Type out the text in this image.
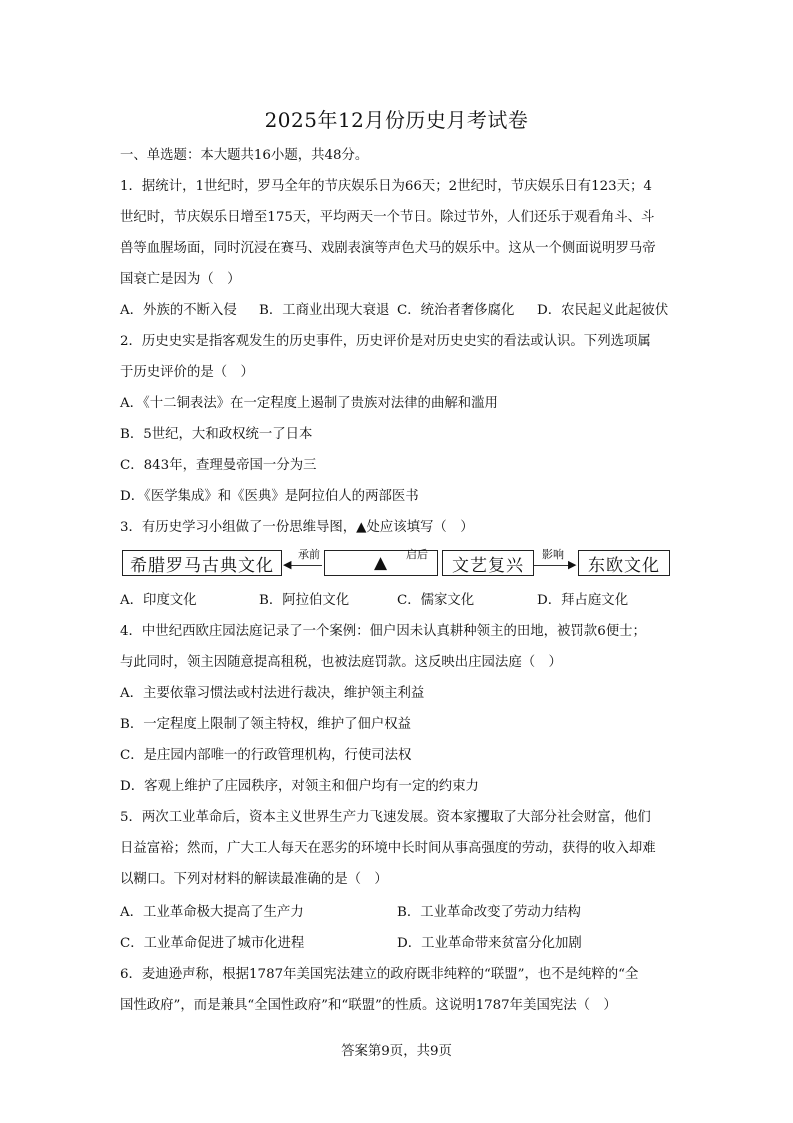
2025年12月份历史月考试卷
一、单选题：本大题共16小题，共48分。
1．据统计，1世纪时，罗马全年的节庆娱乐日为66天；2世纪时，节庆娱乐日有123天；4
世纪时，节庆娱乐日增至175天，平均两天一个节日。除过节外，人们还乐于观看角斗、斗
兽等血腥场面，同时沉浸在赛马、戏剧表演等声色犬马的娱乐中。这从一个侧面说明罗马帝
国衰亡是因为（　）
A．外族的不断入侵 B．工商业出现大衰退 C．统治者奢侈腐化 D．农民起义此起彼伏
2．历史史实是指客观发生的历史事件，历史评价是对历史史实的看法或认识。下列选项属
于历史评价的是（　）
A．《十二铜表法》在一定程度上遏制了贵族对法律的曲解和滥用
B．5世纪，大和政权统一了日本
C．843年，查理曼帝国一分为三
D．《医学集成》和《医典》是阿拉伯人的两部医书
3．有历史学习小组做了一份思维导图，▲处应该填写（　）
希腊罗马古典文化
承前
◀	▲	启后
文艺复兴
影响
▶ 东欧文化
A．印度文化	B．阿拉伯文化	C．儒家文化	D．拜占庭文化
4．中世纪西欧庄园法庭记录了一个案例：佃户因未认真耕种领主的田地，被罚款6便士；
与此同时，领主因随意提高租税，也被法庭罚款。这反映出庄园法庭（　）
A．主要依靠习惯法或村法进行裁决，维护领主利益
B．一定程度上限制了领主特权，维护了佃户权益
C．是庄园内部唯一的行政管理机构，行使司法权
D．客观上维护了庄园秩序，对领主和佃户均有一定的约束力
5．两次工业革命后，资本主义世界生产力飞速发展。资本家攫取了大部分社会财富，他们
日益富裕；然而，广大工人每天在恶劣的环境中长时间从事高强度的劳动，获得的收入却难
以糊口。下列对材料的解读最准确的是（　）
A．工业革命极大提高了生产力	B．工业革命改变了劳动力结构
C．工业革命促进了城市化进程	D．工业革命带来贫富分化加剧
6．麦迪逊声称，根据1787年美国宪法建立的政府既非纯粹的“联盟”，也不是纯粹的“全
国性政府”，而是兼具“全国性政府”和“联盟”的性质。这说明1787年美国宪法（　）
答案第9页，共9页
